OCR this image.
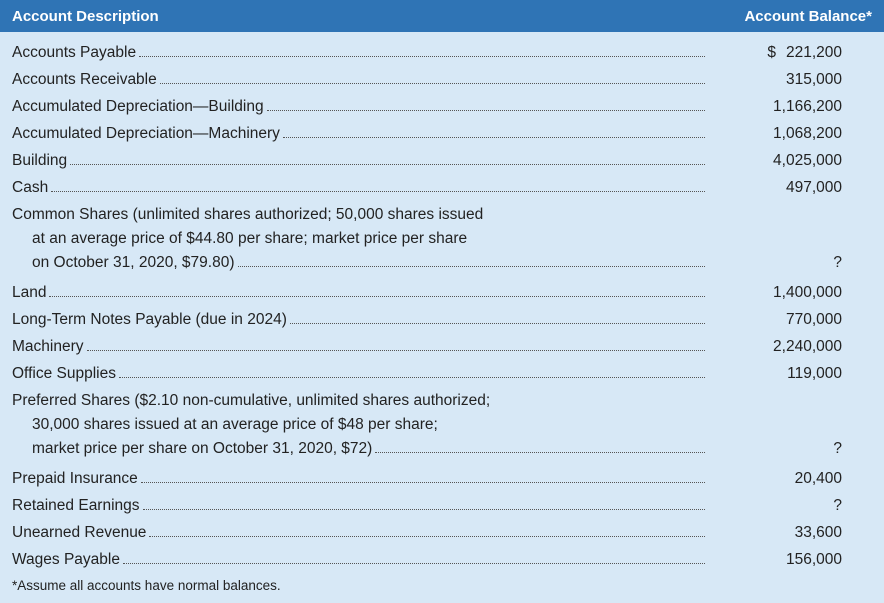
Account Description	Account Balance*
Accounts Payable	$ 221,200
Accounts Receivable	315,000
Accumulated Depreciation—Building	1,166,200
Accumulated Depreciation—Machinery	1,068,200
Building	4,025,000
Cash	497,000
Common Shares (unlimited shares authorized; 50,000 shares issued
at an average price of $44.80 per share; market price per share
on October 31, 2020, $79.80)	?
Land	1,400,000
Long-Term Notes Payable (due in 2024)	770,000
Machinery	2,240,000
Office Supplies	119,000
Preferred Shares ($2.10 non-cumulative, unlimited shares authorized;
30,000 shares issued at an average price of $48 per share;
market price per share on October 31, 2020, $72)	?
Prepaid Insurance	20,400
Retained Earnings	?
Unearned Revenue	33,600
Wages Payable	156,000
*Assume all accounts have normal balances.
